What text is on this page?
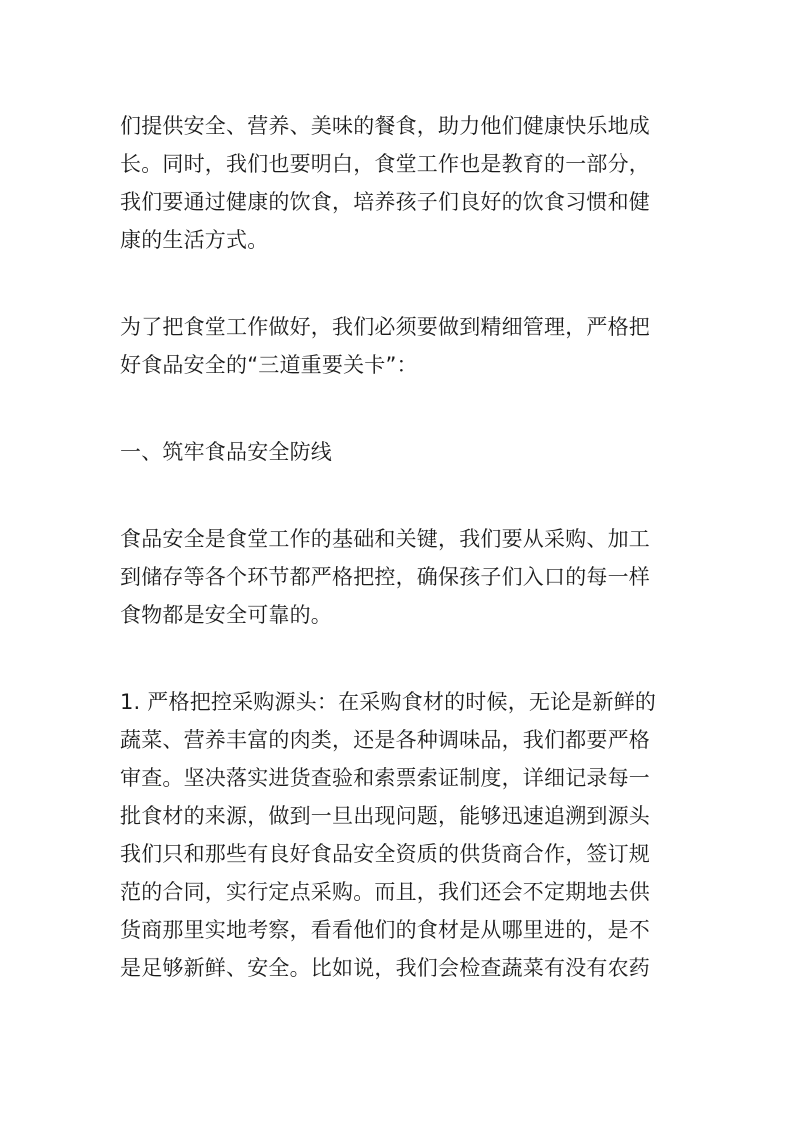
们提供安全、营养、美味的餐食，助力他们健康快乐地成
长。同时，我们也要明白，食堂工作也是教育的一部分，
我们要通过健康的饮食，培养孩子们良好的饮食习惯和健
康的生活方式。
为了把食堂工作做好，我们必须要做到精细管理，严格把
好食品安全的“三道重要关卡”：
一、筑牢食品安全防线
食品安全是食堂工作的基础和关键，我们要从采购、加工
到储存等各个环节都严格把控，确保孩子们入口的每一样
食物都是安全可靠的。
1. 严格把控采购源头：在采购食材的时候，无论是新鲜的
蔬菜、营养丰富的肉类，还是各种调味品，我们都要严格
审查。坚决落实进货查验和索票索证制度，详细记录每一
批食材的来源，做到一旦出现问题，能够迅速追溯到源头
我们只和那些有良好食品安全资质的供货商合作，签订规
范的合同，实行定点采购。而且，我们还会不定期地去供
货商那里实地考察，看看他们的食材是从哪里进的，是不
是足够新鲜、安全。比如说，我们会检查蔬菜有没有农药
